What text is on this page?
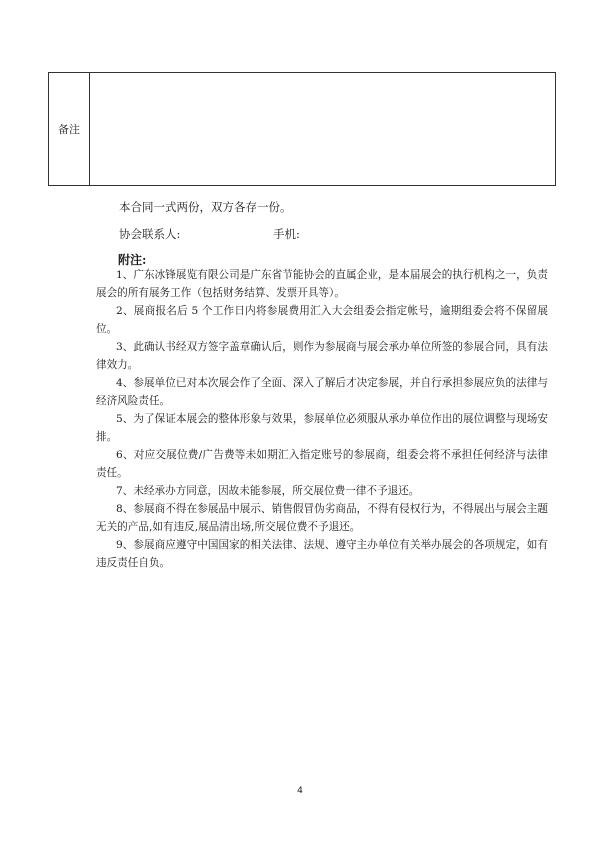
备注
本合同一式两份，双方各存一份。
协会联系人:	手机:
附注:

1、广东冰锋展览有限公司是广东省节能协会的直属企业，是本届展会的执行机构之一，负责展会的所有展务工作（包括财务结算、发票开具等）。

2、展商报名后 5 个工作日内将参展费用汇入大会组委会指定帐号，逾期组委会将不保留展位。

3、此确认书经双方签字盖章确认后，则作为参展商与展会承办单位所签的参展合同，具有法律效力。

4、参展单位已对本次展会作了全面、深入了解后才决定参展，并自行承担参展应负的法律与经济风险责任。

5、为了保证本展会的整体形象与效果，参展单位必须服从承办单位作出的展位调整与现场安排。

6、对应交展位费/广告费等未如期汇入指定账号的参展商，组委会将不承担任何经济与法律责任。

7、未经承办方同意，因故未能参展，所交展位费一律不予退还。

8、参展商不得在参展品中展示、销售假冒伪劣商品，不得有侵权行为，不得展出与展会主题无关的产品,如有违反,展品清出场,所交展位费不予退还。

9、参展商应遵守中国国家的相关法律、法规、遵守主办单位有关举办展会的各项规定，如有违反责任自负。

4
